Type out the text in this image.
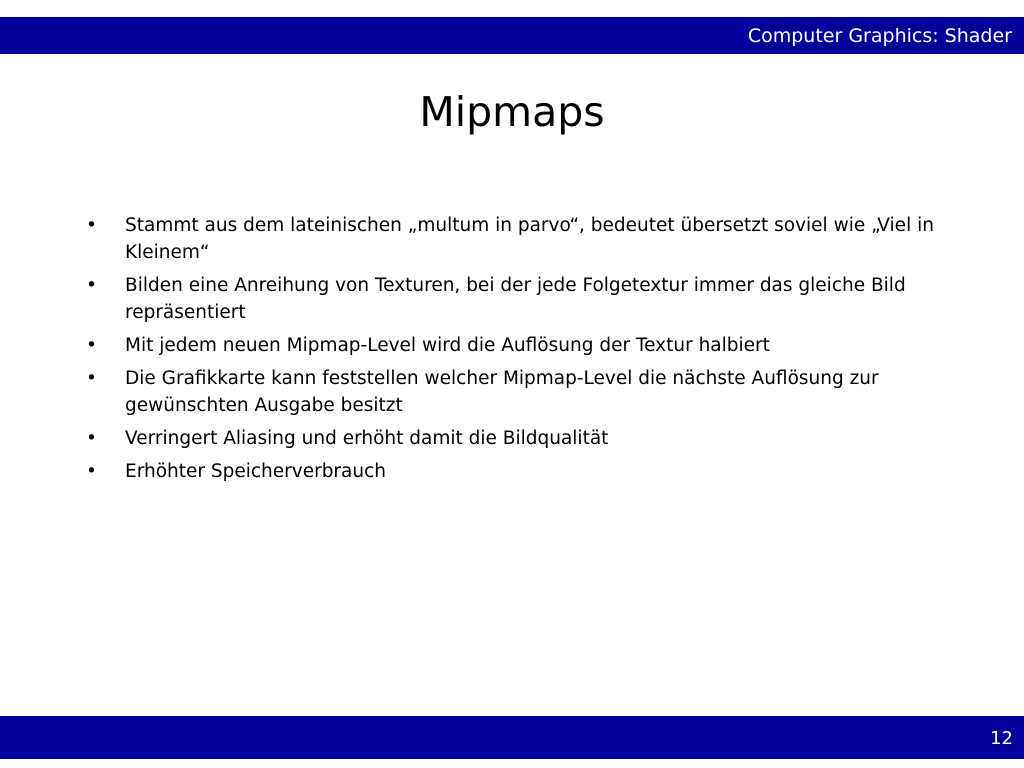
Computer Graphics: Shader
Mipmaps
•	Stammt aus dem lateinischen „multum in parvo“, bedeutet übersetzt soviel wie „Viel in Kleinem“
•	Bilden eine Anreihung von Texturen, bei der jede Folgetextur immer das gleiche Bild repräsentiert
•	Mit jedem neuen Mipmap-Level wird die Auflösung der Textur halbiert
•	Die Grafikkarte kann feststellen welcher Mipmap-Level die nächste Auflösung zur gewünschten Ausgabe besitzt
•	Verringert Aliasing und erhöht damit die Bildqualität
•	Erhöhter Speicherverbrauch
12
